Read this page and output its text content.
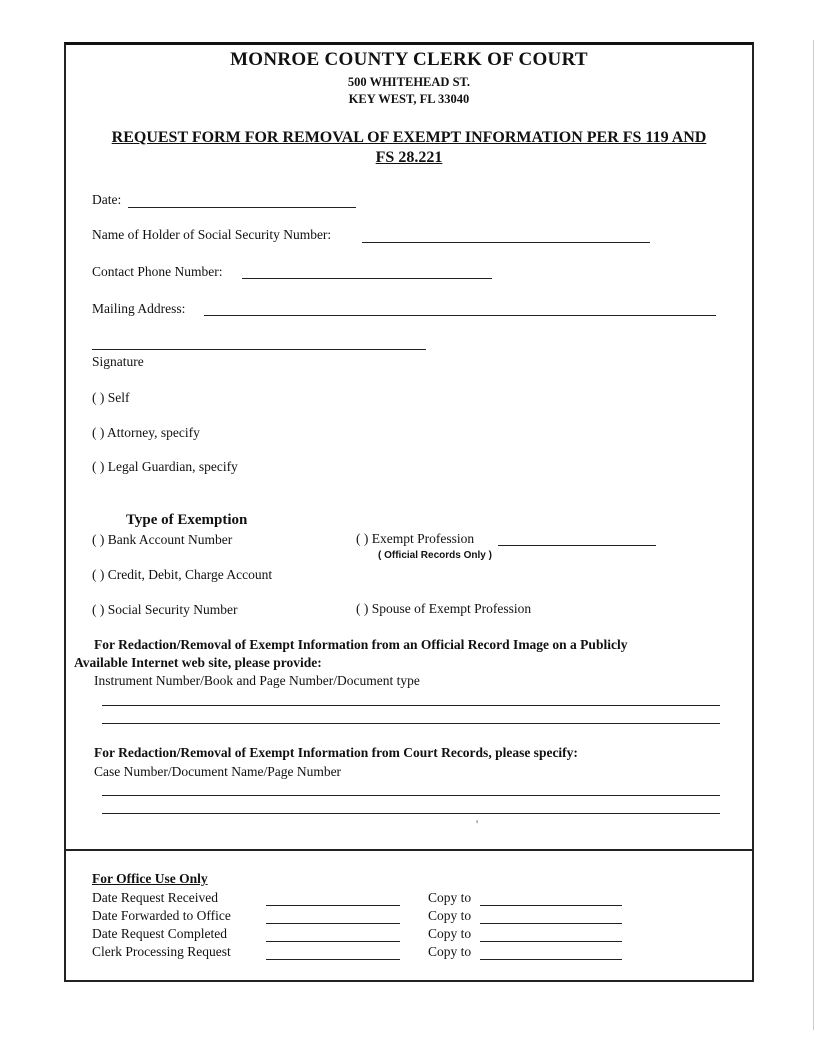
MONROE COUNTY CLERK OF COURT
500 WHITEHEAD ST.
KEY WEST, FL 33040
REQUEST FORM FOR REMOVAL OF EXEMPT INFORMATION PER FS 119 AND
FS 28.221
Date:
Name of Holder of Social Security Number:
Contact Phone Number:
Mailing Address:
Signature
( ) Self
( ) Attorney, specify
( ) Legal Guardian, specify
Type of Exemption
( ) Bank Account Number	( ) Exempt Profession
( Official Records Only )
( ) Credit, Debit, Charge Account
( ) Social Security Number	( ) Spouse of Exempt Profession
For Redaction/Removal of Exempt Information from an Official Record Image on a Publicly
Available Internet web site, please provide:
Instrument Number/Book and Page Number/Document type
For Redaction/Removal of Exempt Information from Court Records, please specify:
Case Number/Document Name/Page Number
'
For Office Use Only
Date Request Received	Copy to
Date Forwarded to Office	Copy to
Date Request Completed	Copy to
Clerk Processing Request	Copy to
